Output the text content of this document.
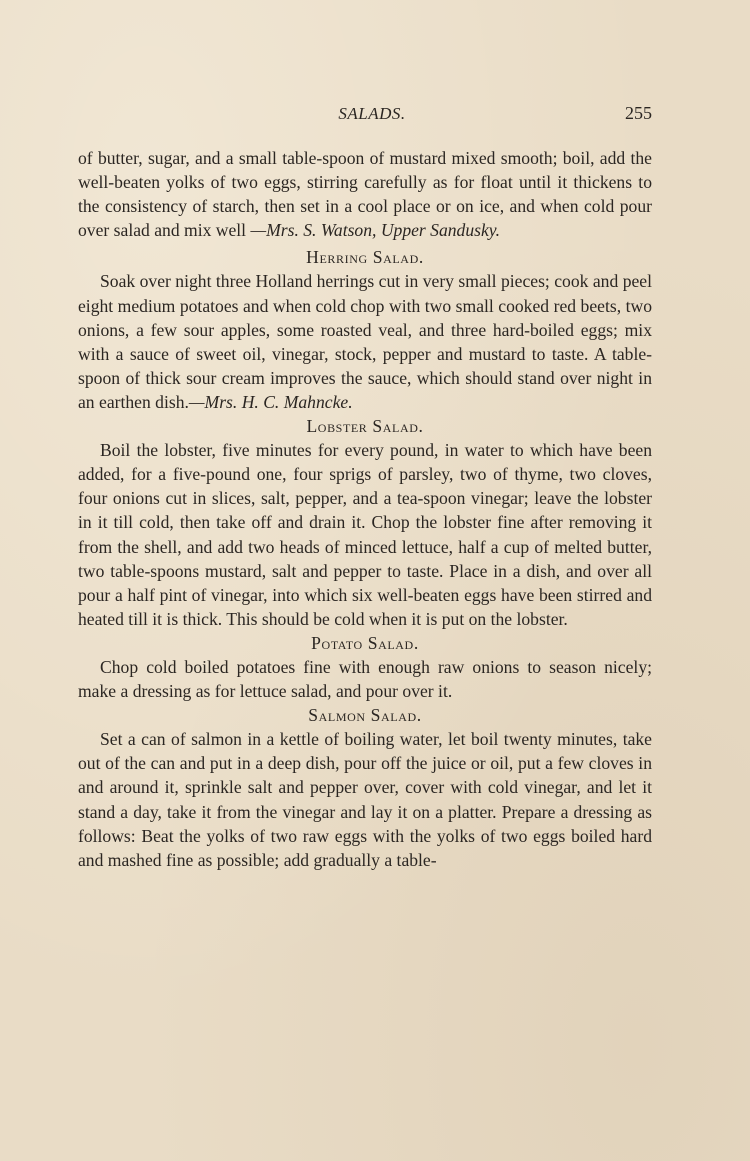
SALADS.	255

of butter, sugar, and a small table-spoon of mustard mixed smooth; boil, add the well-beaten yolks of two eggs, stirring carefully as for float until it thickens to the consistency of starch, then set in a cool place or on ice, and when cold pour over salad and mix well —Mrs. S. Watson, Upper Sandusky.

Herring Salad.

Soak over night three Holland herrings cut in very small pieces; cook and peel eight medium potatoes and when cold chop with two small cooked red beets, two onions, a few sour apples, some roasted veal, and three hard-boiled eggs; mix with a sauce of sweet oil, vinegar, stock, pepper and mustard to taste. A table-spoon of thick sour cream improves the sauce, which should stand over night in an earthen dish.—Mrs. H. C. Mahncke.

Lobster Salad.

Boil the lobster, five minutes for every pound, in water to which have been added, for a five-pound one, four sprigs of parsley, two of thyme, two cloves, four onions cut in slices, salt, pepper, and a tea-spoon vinegar; leave the lobster in it till cold, then take off and drain it. Chop the lobster fine after removing it from the shell, and add two heads of minced lettuce, half a cup of melted butter, two table-spoons mustard, salt and pepper to taste. Place in a dish, and over all pour a half pint of vinegar, into which six well-beaten eggs have been stirred and heated till it is thick. This should be cold when it is put on the lobster.

Potato Salad.

Chop cold boiled potatoes fine with enough raw onions to season nicely; make a dressing as for lettuce salad, and pour over it.

Salmon Salad.

Set a can of salmon in a kettle of boiling water, let boil twenty minutes, take out of the can and put in a deep dish, pour off the juice or oil, put a few cloves in and around it, sprinkle salt and pepper over, cover with cold vinegar, and let it stand a day, take it from the vinegar and lay it on a platter. Prepare a dressing as follows: Beat the yolks of two raw eggs with the yolks of two eggs boiled hard and mashed fine as possible; add gradually a table-
